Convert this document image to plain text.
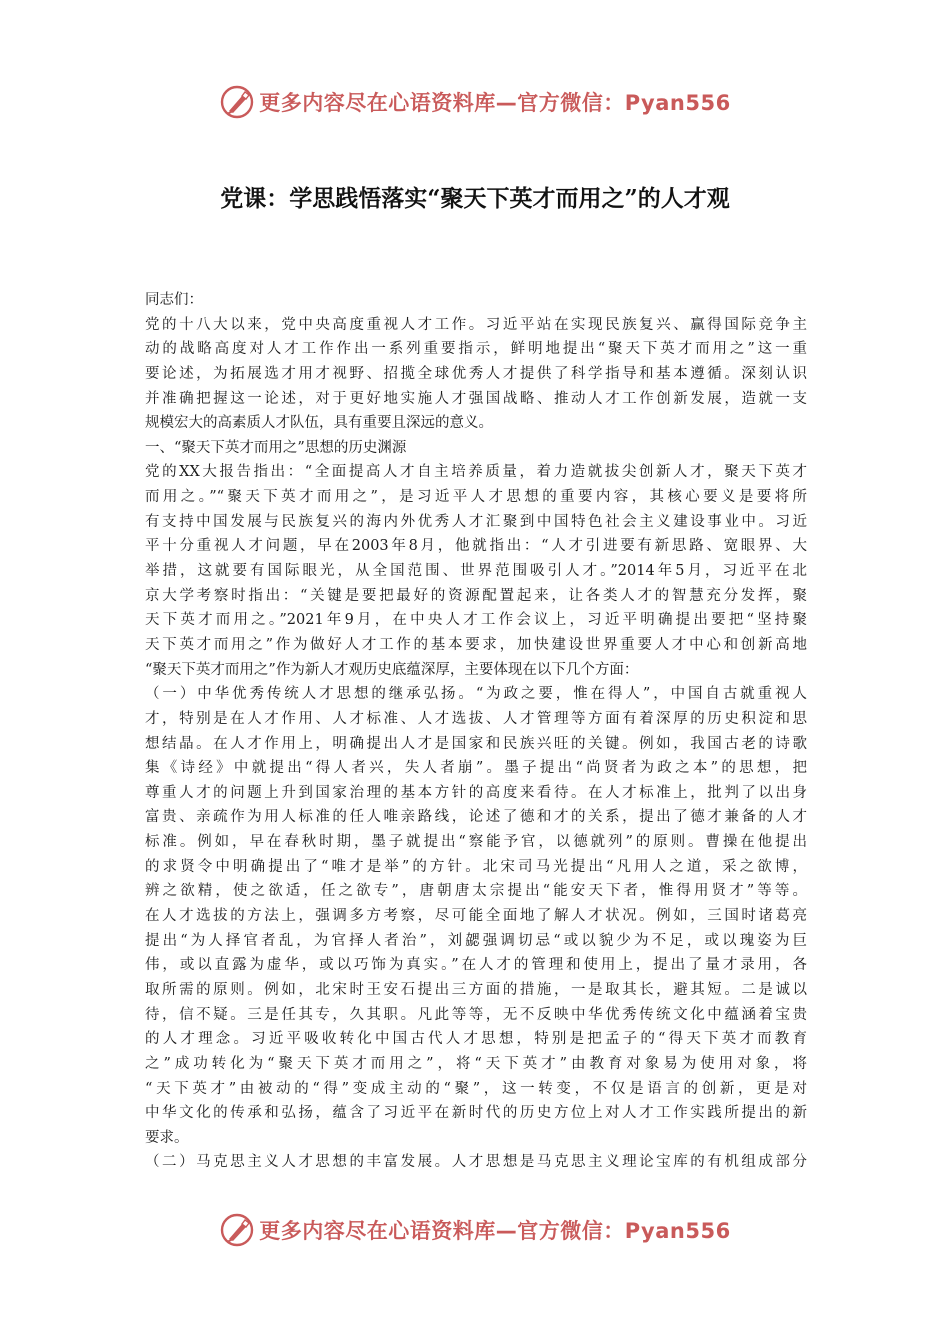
更多内容尽在心语资料库—官方微信：Pyan556
党课：学思践悟落实“聚天下英才而用之”的人才观
同志们：
党的十八大以来，党中央高度重视人才工作。习近平站在实现民族复兴、赢得国际竞争主
动的战略高度对人才工作作出一系列重要指示，鲜明地提出“聚天下英才而用之”这一重
要论述，为拓展选才用才视野、招揽全球优秀人才提供了科学指导和基本遵循。深刻认识
并准确把握这一论述，对于更好地实施人才强国战略、推动人才工作创新发展，造就一支
规模宏大的高素质人才队伍，具有重要且深远的意义。
一、“聚天下英才而用之”思想的历史渊源
党的XX大报告指出：“全面提高人才自主培养质量，着力造就拔尖创新人才，聚天下英才
而用之。”“聚天下英才而用之”，是习近平人才思想的重要内容，其核心要义是要将所
有支持中国发展与民族复兴的海内外优秀人才汇聚到中国特色社会主义建设事业中。习近
平十分重视人才问题，早在2003年8月，他就指出：“人才引进要有新思路、宽眼界、大
举措，这就要有国际眼光，从全国范围、世界范围吸引人才。”2014年5月，习近平在北
京大学考察时指出：“关键是要把最好的资源配置起来，让各类人才的智慧充分发挥，聚
天下英才而用之。”2021年9月，在中央人才工作会议上，习近平明确提出要把“坚持聚
天下英才而用之”作为做好人才工作的基本要求，加快建设世界重要人才中心和创新高地
“聚天下英才而用之”作为新人才观历史底蕴深厚，主要体现在以下几个方面：
（一）中华优秀传统人才思想的继承弘扬。“为政之要，惟在得人”，中国自古就重视人
才，特别是在人才作用、人才标准、人才选拔、人才管理等方面有着深厚的历史积淀和思
想结晶。在人才作用上，明确提出人才是国家和民族兴旺的关键。例如，我国古老的诗歌
集《诗经》中就提出“得人者兴，失人者崩”。墨子提出“尚贤者为政之本”的思想，把
尊重人才的问题上升到国家治理的基本方针的高度来看待。在人才标准上，批判了以出身
富贵、亲疏作为用人标准的任人唯亲路线，论述了德和才的关系，提出了德才兼备的人才
标准。例如，早在春秋时期，墨子就提出“察能予官，以德就列”的原则。曹操在他提出
的求贤令中明确提出了“唯才是举”的方针。北宋司马光提出“凡用人之道，采之欲博，
辨之欲精，使之欲适，任之欲专”，唐朝唐太宗提出“能安天下者，惟得用贤才”等等。
在人才选拔的方法上，强调多方考察，尽可能全面地了解人才状况。例如，三国时诸葛亮
提出“为人择官者乱，为官择人者治”，刘勰强调切忌“或以貌少为不足，或以瑰姿为巨
伟，或以直露为虚华，或以巧饰为真实。”在人才的管理和使用上，提出了量才录用，各
取所需的原则。例如，北宋时王安石提出三方面的措施，一是取其长，避其短。二是诚以
待，信不疑。三是任其专，久其职。凡此等等，无不反映中华优秀传统文化中蕴涵着宝贵
的人才理念。习近平吸收转化中国古代人才思想，特别是把孟子的“得天下英才而教育
之”成功转化为“聚天下英才而用之”，将“天下英才”由教育对象易为使用对象，将
“天下英才”由被动的“得”变成主动的“聚”，这一转变，不仅是语言的创新，更是对
中华文化的传承和弘扬，蕴含了习近平在新时代的历史方位上对人才工作实践所提出的新
要求。
（二）马克思主义人才思想的丰富发展。人才思想是马克思主义理论宝库的有机组成部分
更多内容尽在心语资料库—官方微信：Pyan556
